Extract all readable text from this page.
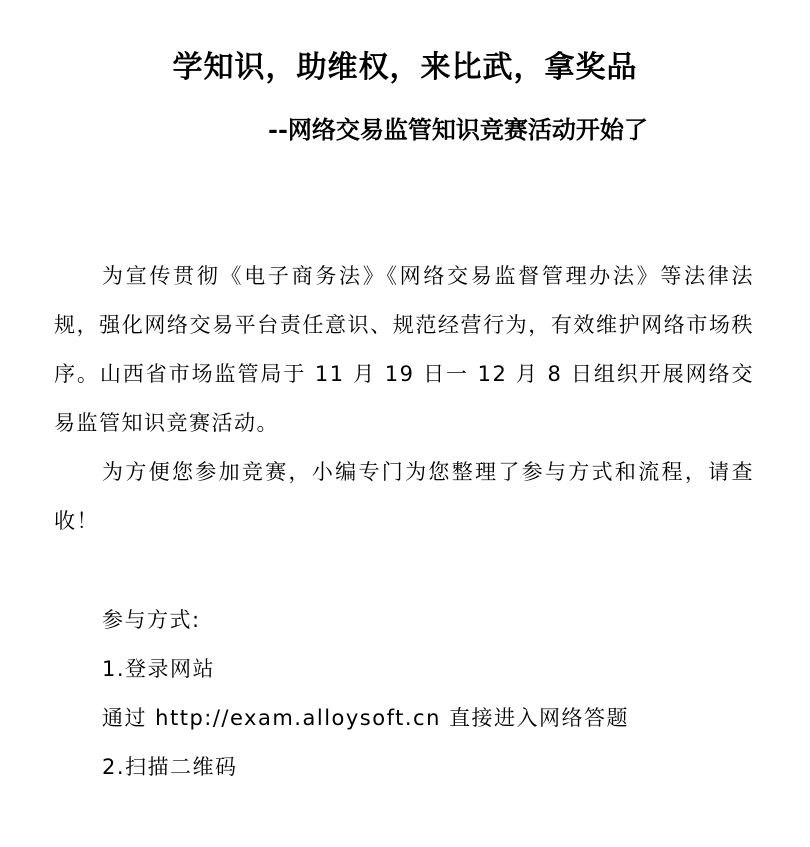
学知识，助维权，来比武，拿奖品
--网络交易监管知识竞赛活动开始了

为宣传贯彻《电子商务法》《网络交易监督管理办法》等法律法规，强化网络交易平台责任意识、规范经营行为，有效维护网络市场秩序。山西省市场监管局于 11 月 19 日一 12 月 8 日组织开展网络交易监管知识竞赛活动。

为方便您参加竞赛，小编专门为您整理了参与方式和流程，请查收！

参与方式:
1.登录网站
通过 http://exam.alloysoft.cn 直接进入网络答题
2.扫描二维码
